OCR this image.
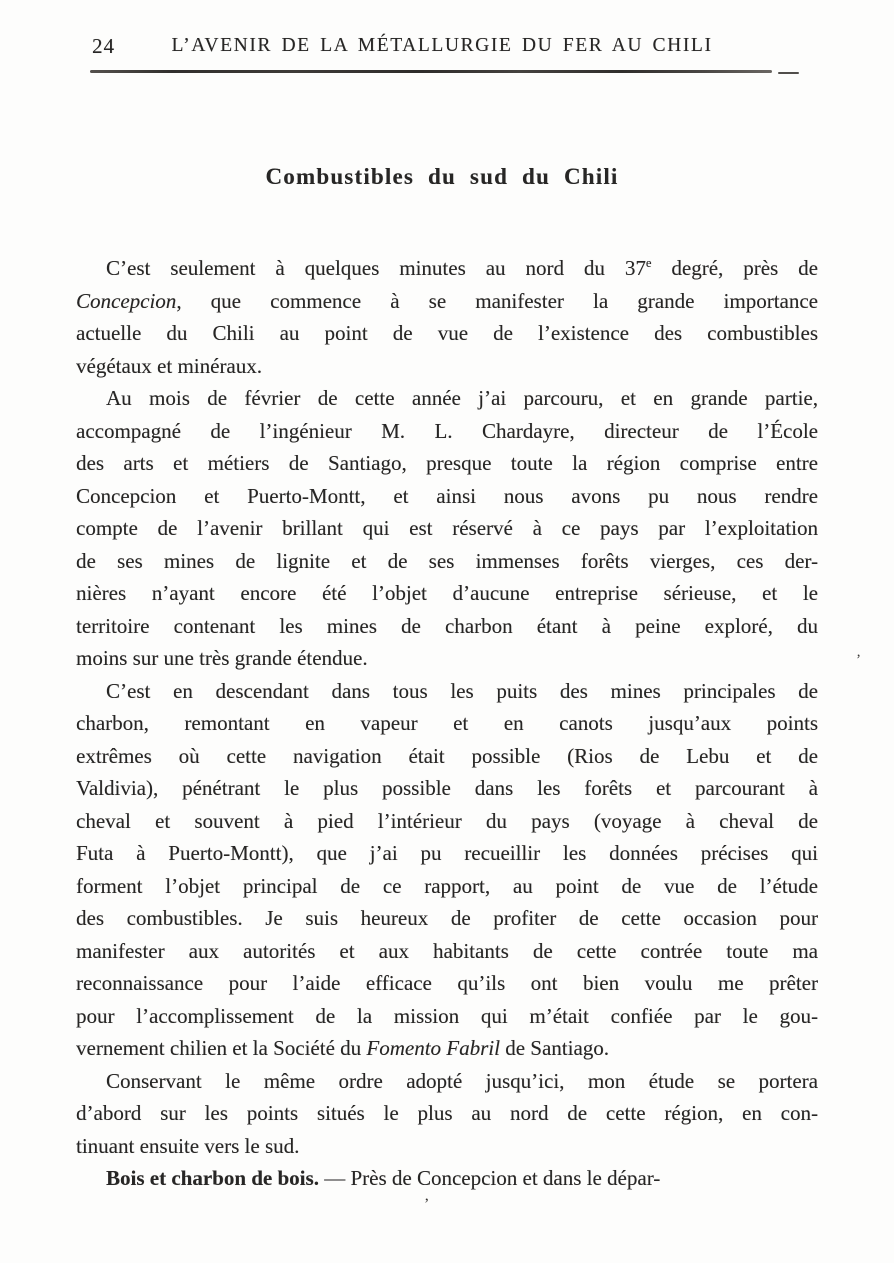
24	L’AVENIR DE LA MÉTALLURGIE DU FER AU CHILI
Combustibles du sud du Chili
C’est seulement à quelques minutes au nord du 37e degré, près de
Concepcion, que commence à se manifester la grande importance
actuelle du Chili au point de vue de l’existence des combustibles
végétaux et minéraux.
Au mois de février de cette année j’ai parcouru, et en grande partie,
accompagné de l’ingénieur M. L. Chardayre, directeur de l’École
des arts et métiers de Santiago, presque toute la région comprise entre
Concepcion et Puerto-Montt, et ainsi nous avons pu nous rendre
compte de l’avenir brillant qui est réservé à ce pays par l’exploitation
de ses mines de lignite et de ses immenses forêts vierges, ces der-
nières n’ayant encore été l’objet d’aucune entreprise sérieuse, et le
territoire contenant les mines de charbon étant à peine exploré, du
moins sur une très grande étendue.
C’est en descendant dans tous les puits des mines principales de
charbon, remontant en vapeur et en canots jusqu’aux points
extrêmes où cette navigation était possible (Rios de Lebu et de
Valdivia), pénétrant le plus possible dans les forêts et parcourant à
cheval et souvent à pied l’intérieur du pays (voyage à cheval de
Futa à Puerto-Montt), que j’ai pu recueillir les données précises qui
forment l’objet principal de ce rapport, au point de vue de l’étude
des combustibles. Je suis heureux de profiter de cette occasion pour
manifester aux autorités et aux habitants de cette contrée toute ma
reconnaissance pour l’aide efficace qu’ils ont bien voulu me prêter
pour l’accomplissement de la mission qui m’était confiée par le gou-
vernement chilien et la Société du Fomento Fabril de Santiago.
Conservant le même ordre adopté jusqu’ici, mon étude se portera
d’abord sur les points situés le plus au nord de cette région, en con-
tinuant ensuite vers le sud.
Bois et charbon de bois. — Près de Concepcion et dans le dépar-
’
’
